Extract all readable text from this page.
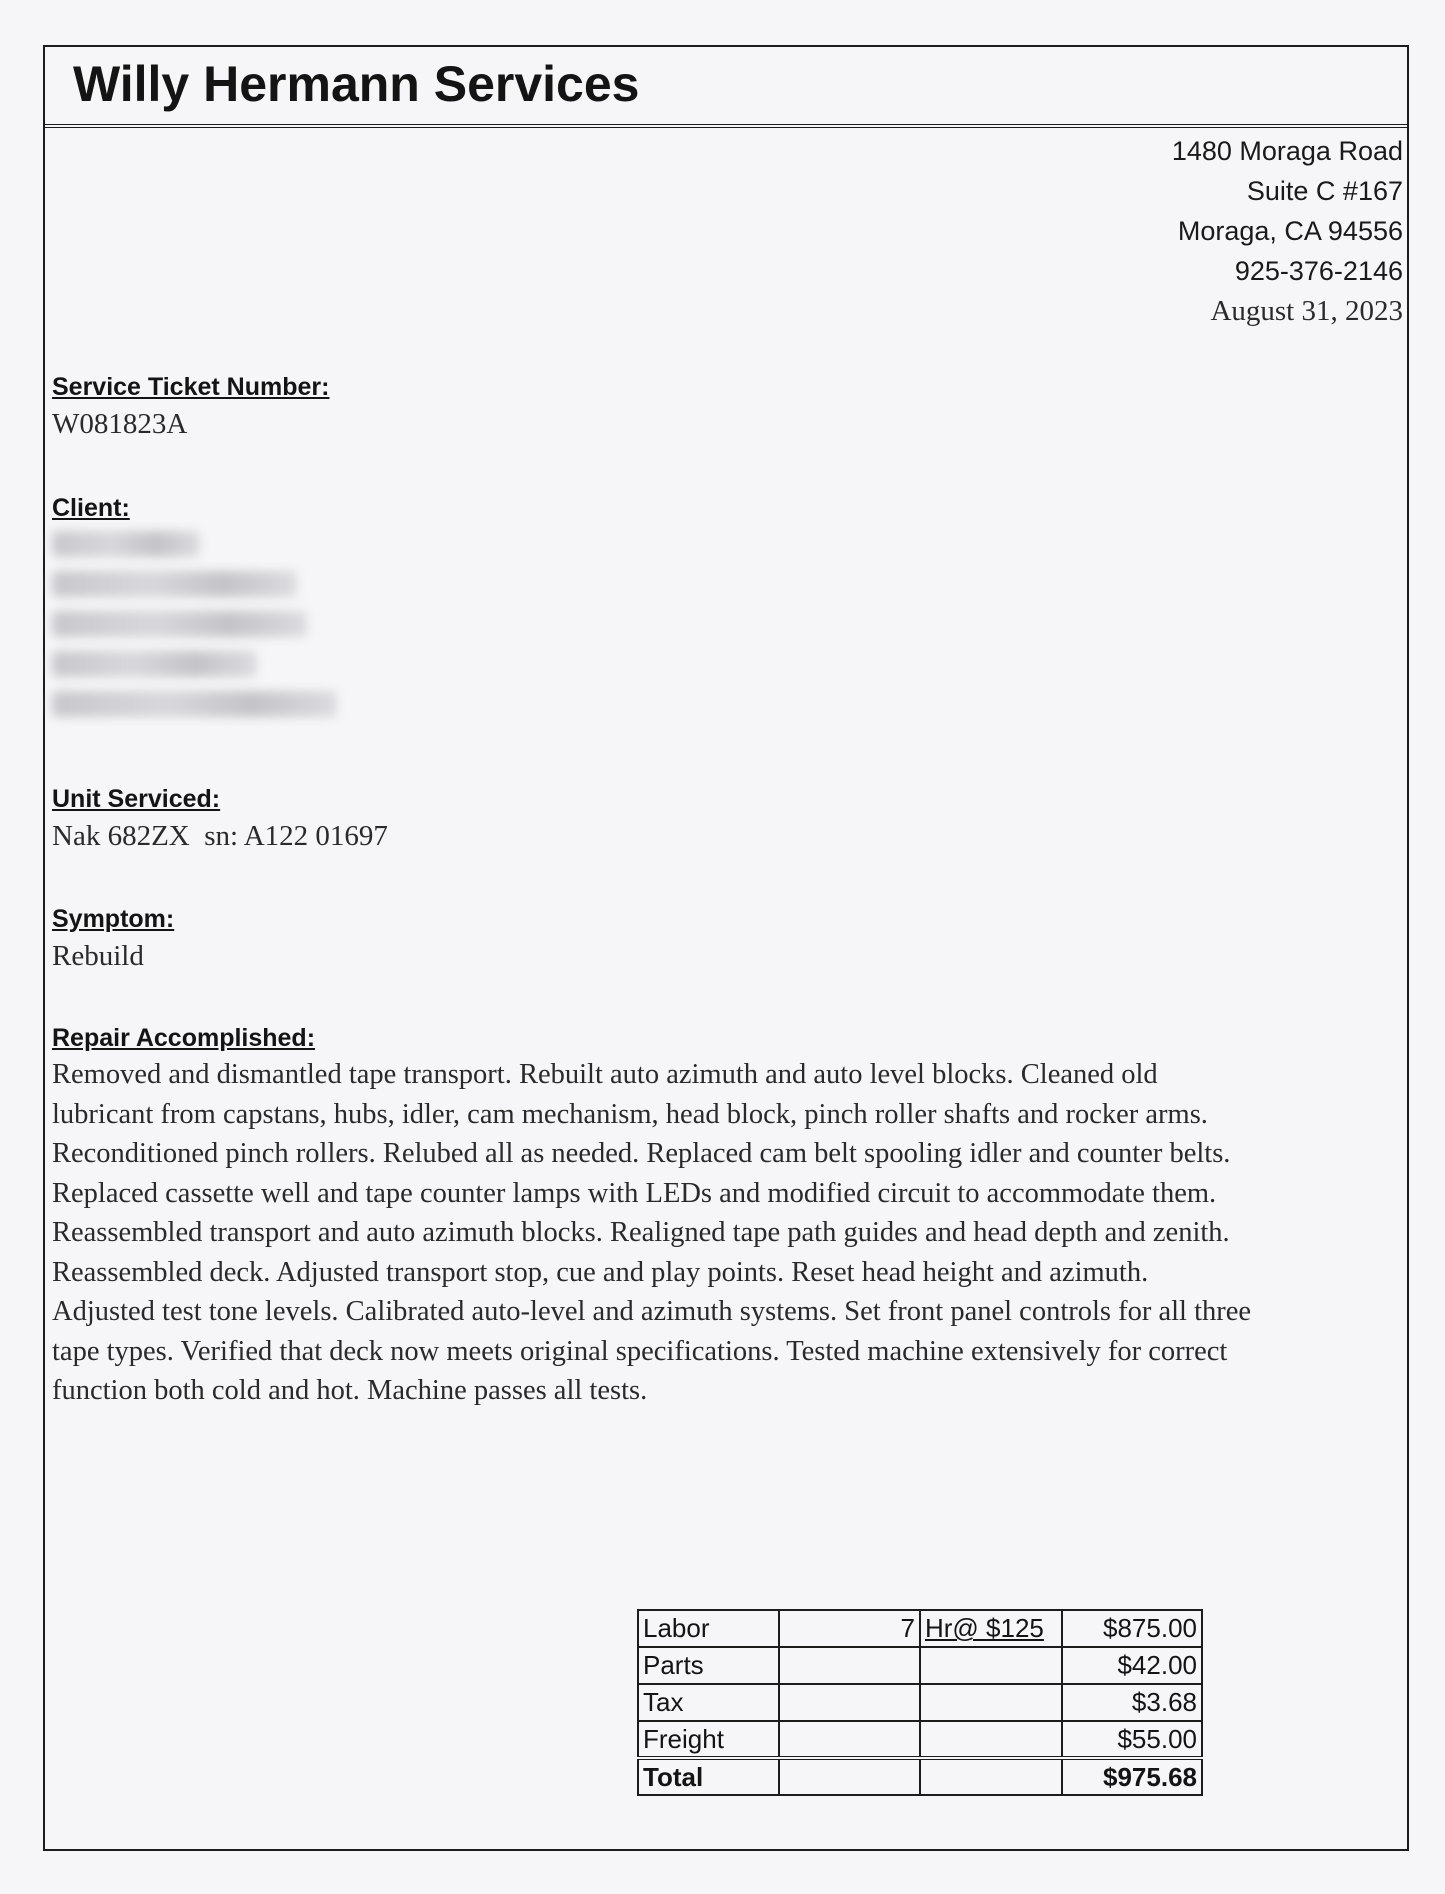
Willy Hermann Services
1480 Moraga Road
Suite C #167
Moraga, CA 94556
925-376-2146
August 31, 2023
Service Ticket Number:
W081823A
Client:
Unit Serviced:
Nak 682ZX  sn: A122 01697
Symptom:
Rebuild
Repair Accomplished:
Removed and dismantled tape transport. Rebuilt auto azimuth and auto level blocks. Cleaned old
lubricant from capstans, hubs, idler, cam mechanism, head block, pinch roller shafts and rocker arms.
Reconditioned pinch rollers. Relubed all as needed. Replaced cam belt spooling idler and counter belts.
Replaced cassette well and tape counter lamps with LEDs and modified circuit to accommodate them.
Reassembled transport and auto azimuth blocks. Realigned tape path guides and head depth and zenith.
Reassembled deck. Adjusted transport stop, cue and play points. Reset head height and azimuth.
Adjusted test tone levels. Calibrated auto-level and azimuth systems. Set front panel controls for all three
tape types. Verified that deck now meets original specifications. Tested machine extensively for correct
function both cold and hot. Machine passes all tests.
Labor	7	Hr@ $125	$875.00
Parts			$42.00
Tax			$3.68
Freight			$55.00
Total			$975.68
